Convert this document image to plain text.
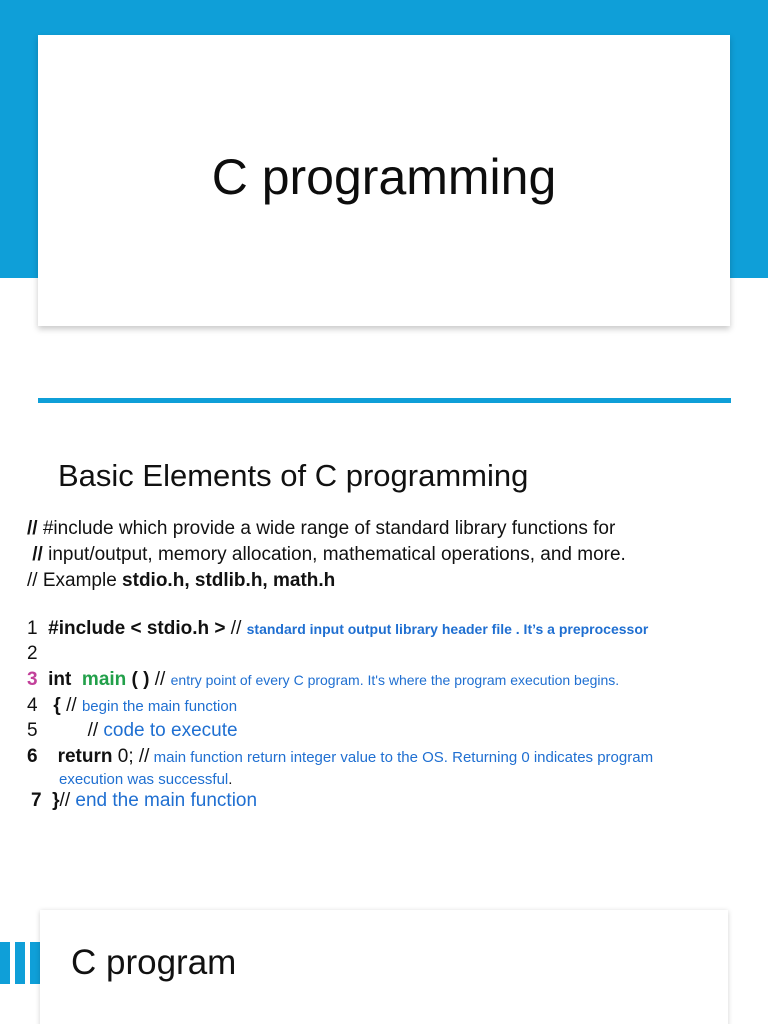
C programming
Basic Elements of C programming
// #include which provide a wide range of standard library functions for
// input/output, memory allocation, mathematical operations, and more.
// Example stdio.h, stdlib.h, math.h
1 #include < stdio.h > // standard input output library header file . It’s a preprocessor
2
3 int main ( ) // entry point of every C program. It's where the program execution begins.
4 { // begin the main function
5	// code to execute
6 return 0; // main function return integer value to the OS. Returning 0 indicates program
execution was successful.
7 }// end the main function
C program
